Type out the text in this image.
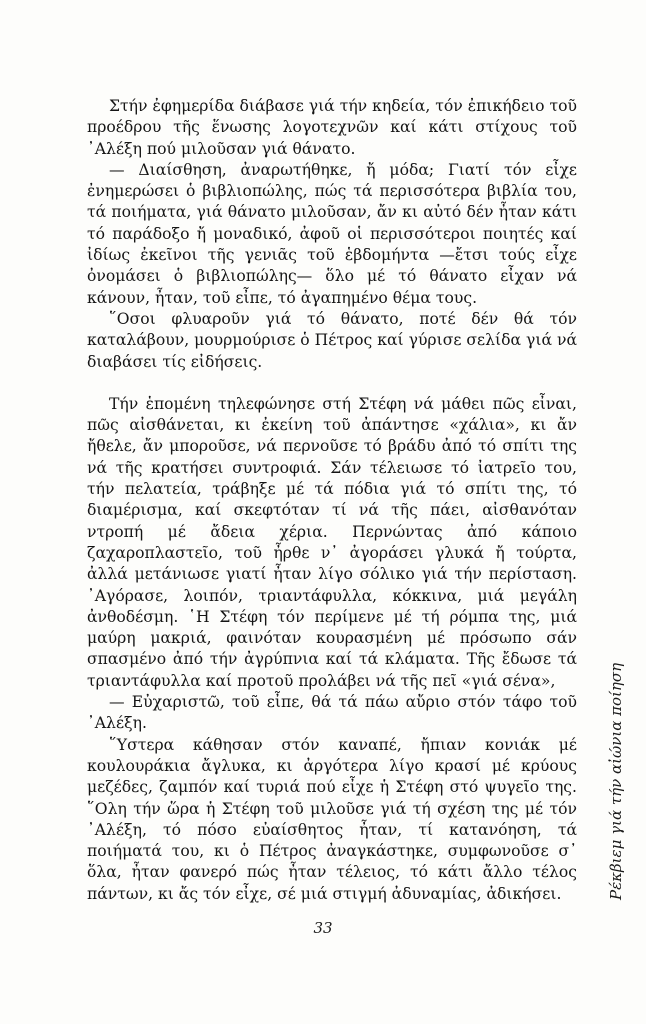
Στήν ἐφημερίδα διάβασε γιά τήν κηδεία, τόν ἐπικήδειο τοῦ προέδρου τῆς ἕνωσης λογοτεχνῶν καί κάτι στίχους τοῦ ᾿Αλέξη πού μιλοῦσαν γιά θάνατο.

— Διαίσθηση, ἀναρωτήθηκε, ἤ μόδα; Γιατί τόν εἶχε ἐνημερώσει ὁ βιβλιοπώλης, πώς τά περισσότερα βιβλία του, τά ποιήματα, γιά θάνατο μιλοῦσαν, ἄν κι αὐτό δέν ἦταν κάτι τό παράδοξο ἤ μοναδικό, ἀφοῦ οἱ περισσότεροι ποιητές καί ἰδίως ἐκεῖνοι τῆς γενιᾶς τοῦ ἑβδομήντα —ἔτσι τούς εἶχε ὀνομάσει ὁ βιβλιοπώλης— ὅλο μέ τό θάνατο εἶχαν νά κάνουν, ἦταν, τοῦ εἶπε, τό ἀγαπημένο θέμα τους.

῞Οσοι φλυαροῦν γιά τό θάνατο, ποτέ δέν θά τόν καταλάβουν, μουρμούρισε ὁ Πέτρος καί γύρισε σελίδα γιά νά διαβάσει τίς εἰδήσεις.

Τήν ἑπομένη τηλεφώνησε στή Στέφη νά μάθει πῶς εἶναι, πῶς αἰσθάνεται, κι ἐκείνη τοῦ ἀπάντησε «χάλια», κι ἄν ἤθελε, ἄν μποροῦσε, νά περνοῦσε τό βράδυ ἀπό τό σπίτι της νά τῆς κρατήσει συντροφιά. Σάν τέλειωσε τό ἰατρεῖο του, τήν πελατεία, τράβηξε μέ τά πόδια γιά τό σπίτι της, τό διαμέρισμα, καί σκεφτόταν τί νά τῆς πάει, αἰσθανόταν ντροπή μέ ἄδεια χέρια. Περνώντας ἀπό κάποιο ζαχαροπλαστεῖο, τοῦ ἦρθε ν᾿ ἀγοράσει γλυκά ἤ τούρτα, ἀλλά μετάνιωσε γιατί ἦταν λίγο σόλικο γιά τήν περίσταση. ᾿Αγόρασε, λοιπόν, τριαντάφυλλα, κόκκινα, μιά μεγάλη ἀνθοδέσμη. ῾Η Στέφη τόν περίμενε μέ τή ρόμπα της, μιά μαύρη μακριά, φαινόταν κουρασμένη μέ πρόσωπο σάν σπασμένο ἀπό τήν ἀγρύπνια καί τά κλάματα. Τῆς ἔδωσε τά τριαντάφυλλα καί προτοῦ προλάβει νά τῆς πεῖ «γιά σένα»,

— Εὐχαριστῶ, τοῦ εἶπε, θά τά πάω αὔριο στόν τάφο τοῦ ᾿Αλέξη.

῞Υστερα κάθησαν στόν καναπέ, ἤπιαν κονιάκ μέ κουλουράκια ἄγλυκα, κι ἀργότερα λίγο κρασί μέ κρύους μεζέδες, ζαμπόν καί τυριά πού εἶχε ἡ Στέφη στό ψυγεῖο της. ῞Ολη τήν ὥρα ἡ Στέφη τοῦ μιλοῦσε γιά τή σχέση της μέ τόν ᾿Αλέξη, τό πόσο εὐαίσθητος ἦταν, τί κατανόηση, τά ποιήματά του, κι ὁ Πέτρος ἀναγκάστηκε, συμφωνοῦσε σ᾿ ὅλα, ἦταν φανερό πώς ἦταν τέλειος, τό κάτι ἄλλο τέλος πάντων, κι ἄς τόν εἶχε, σέ μιά στιγμή ἀδυναμίας, ἀδικήσει.	Ρέκβιεμ γιά τήν αἰώνια ποίηση
33
